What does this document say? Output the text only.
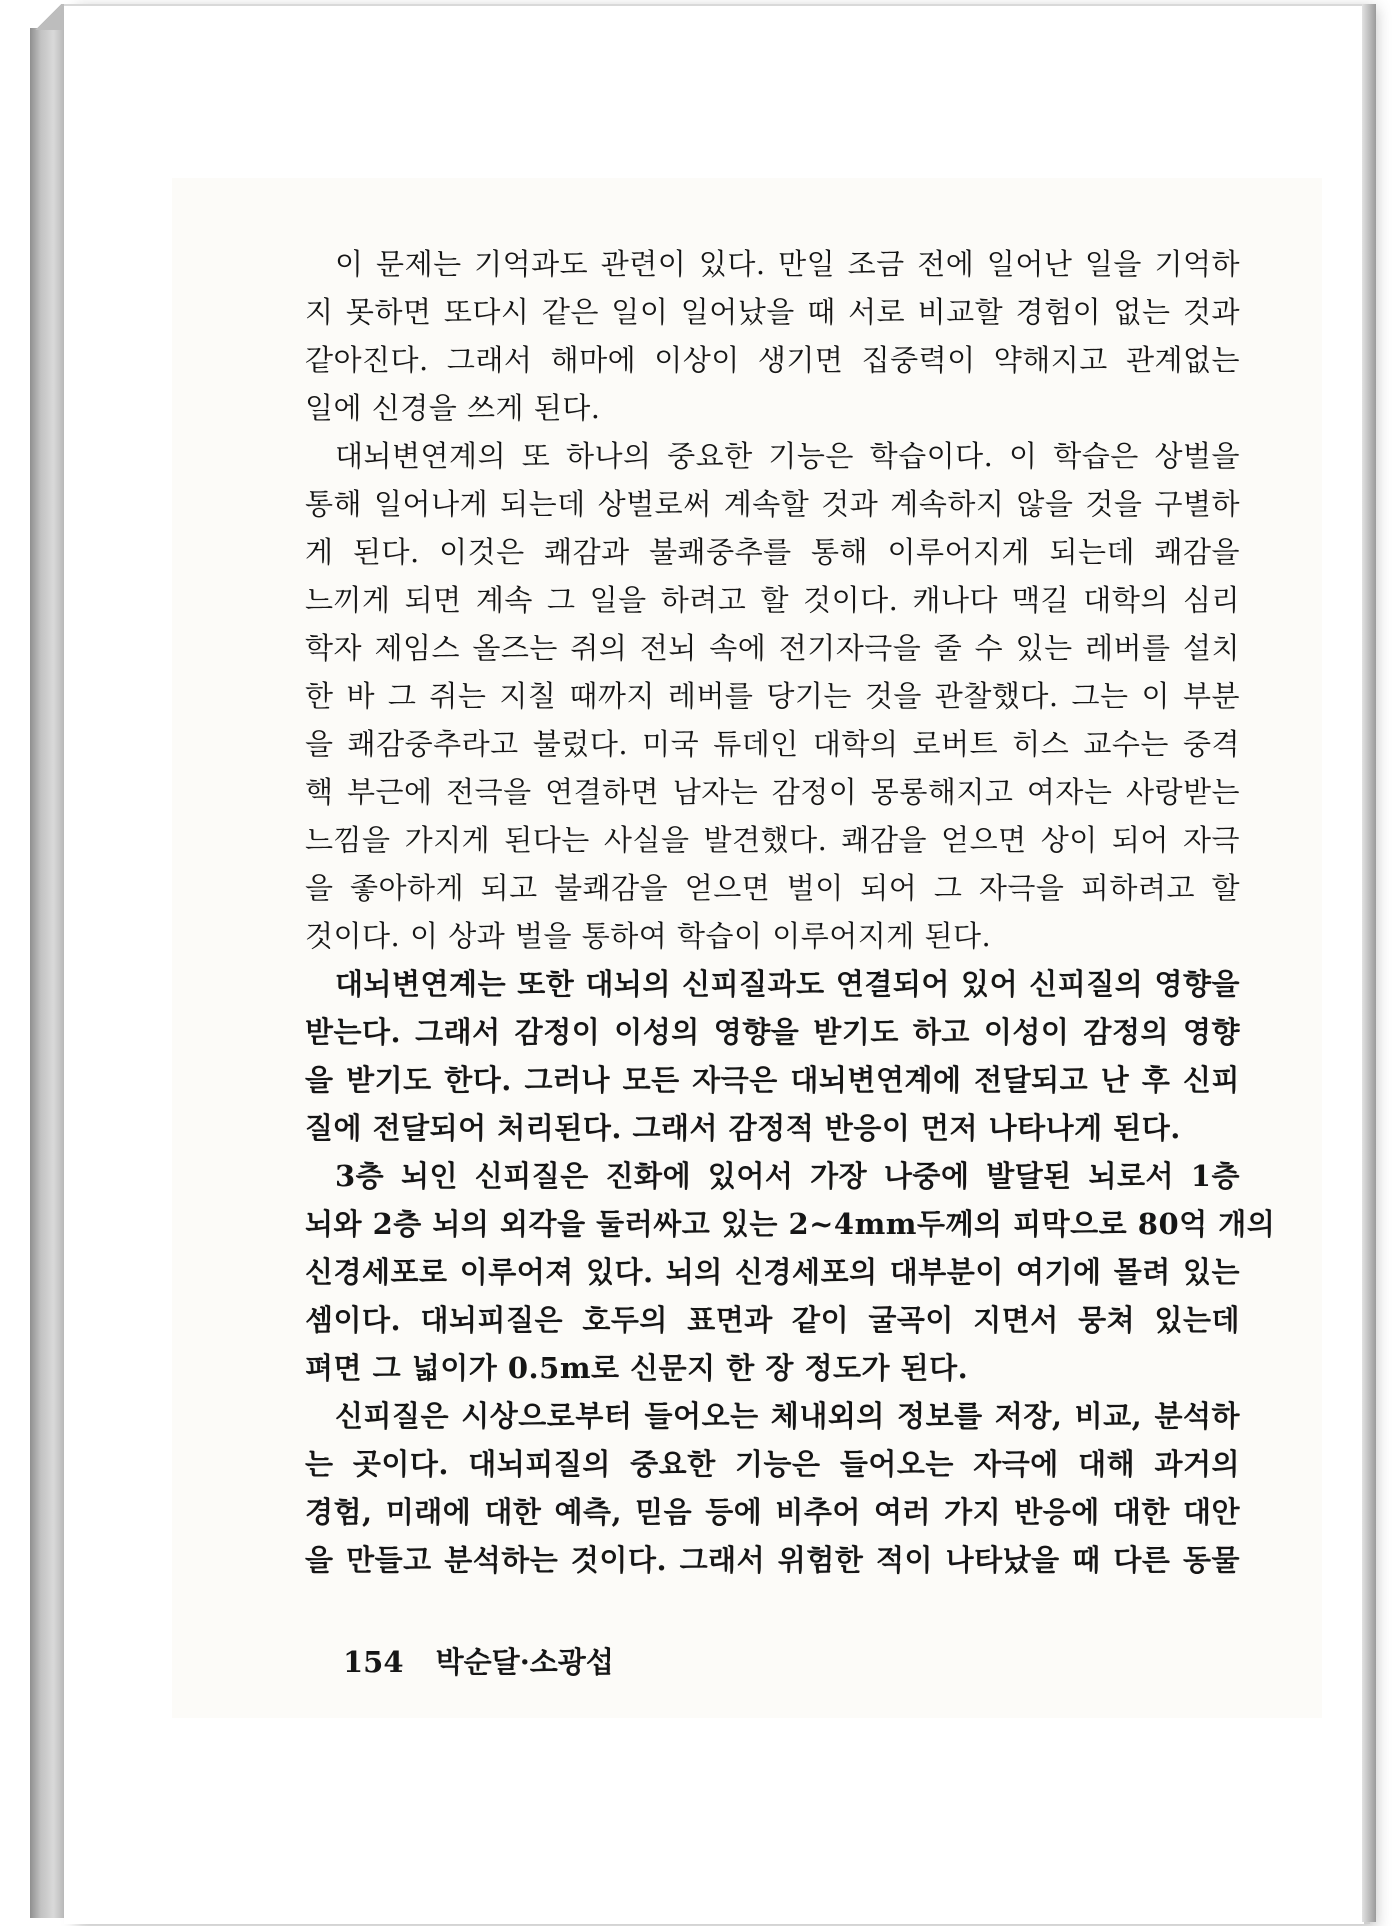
이 문제는 기억과도 관련이 있다. 만일 조금 전에 일어난 일을 기억하
지 못하면 또다시 같은 일이 일어났을 때 서로 비교할 경험이 없는 것과
같아진다. 그래서 해마에 이상이 생기면 집중력이 약해지고 관계없는
일에 신경을 쓰게 된다.
대뇌변연계의 또 하나의 중요한 기능은 학습이다. 이 학습은 상벌을
통해 일어나게 되는데 상벌로써 계속할 것과 계속하지 않을 것을 구별하
게 된다. 이것은 쾌감과 불쾌중추를 통해 이루어지게 되는데 쾌감을
느끼게 되면 계속 그 일을 하려고 할 것이다. 캐나다 맥길 대학의 심리
학자 제임스 올즈는 쥐의 전뇌 속에 전기자극을 줄 수 있는 레버를 설치
한 바 그 쥐는 지칠 때까지 레버를 당기는 것을 관찰했다. 그는 이 부분
을 쾌감중추라고 불렀다. 미국 튜데인 대학의 로버트 히스 교수는 중격
핵 부근에 전극을 연결하면 남자는 감정이 몽롱해지고 여자는 사랑받는
느낌을 가지게 된다는 사실을 발견했다. 쾌감을 얻으면 상이 되어 자극
을 좋아하게 되고 불쾌감을 얻으면 벌이 되어 그 자극을 피하려고 할
것이다. 이 상과 벌을 통하여 학습이 이루어지게 된다.
대뇌변연계는 또한 대뇌의 신피질과도 연결되어 있어 신피질의 영향을
받는다. 그래서 감정이 이성의 영향을 받기도 하고 이성이 감정의 영향
을 받기도 한다. 그러나 모든 자극은 대뇌변연계에 전달되고 난 후 신피
질에 전달되어 처리된다. 그래서 감정적 반응이 먼저 나타나게 된다.
3층 뇌인 신피질은 진화에 있어서 가장 나중에 발달된 뇌로서 1층
뇌와 2층 뇌의 외각을 둘러싸고 있는 2~4mm두께의 피막으로 80억 개의
신경세포로 이루어져 있다. 뇌의 신경세포의 대부분이 여기에 몰려 있는
셈이다. 대뇌피질은 호두의 표면과 같이 굴곡이 지면서 뭉쳐 있는데
펴면 그 넓이가 0.5m로 신문지 한 장 정도가 된다.
신피질은 시상으로부터 들어오는 체내외의 정보를 저장, 비교, 분석하
는 곳이다. 대뇌피질의 중요한 기능은 들어오는 자극에 대해 과거의
경험, 미래에 대한 예측, 믿음 등에 비추어 여러 가지 반응에 대한 대안
을 만들고 분석하는 것이다. 그래서 위험한 적이 나타났을 때 다른 동물
154 박순달·소광섭
